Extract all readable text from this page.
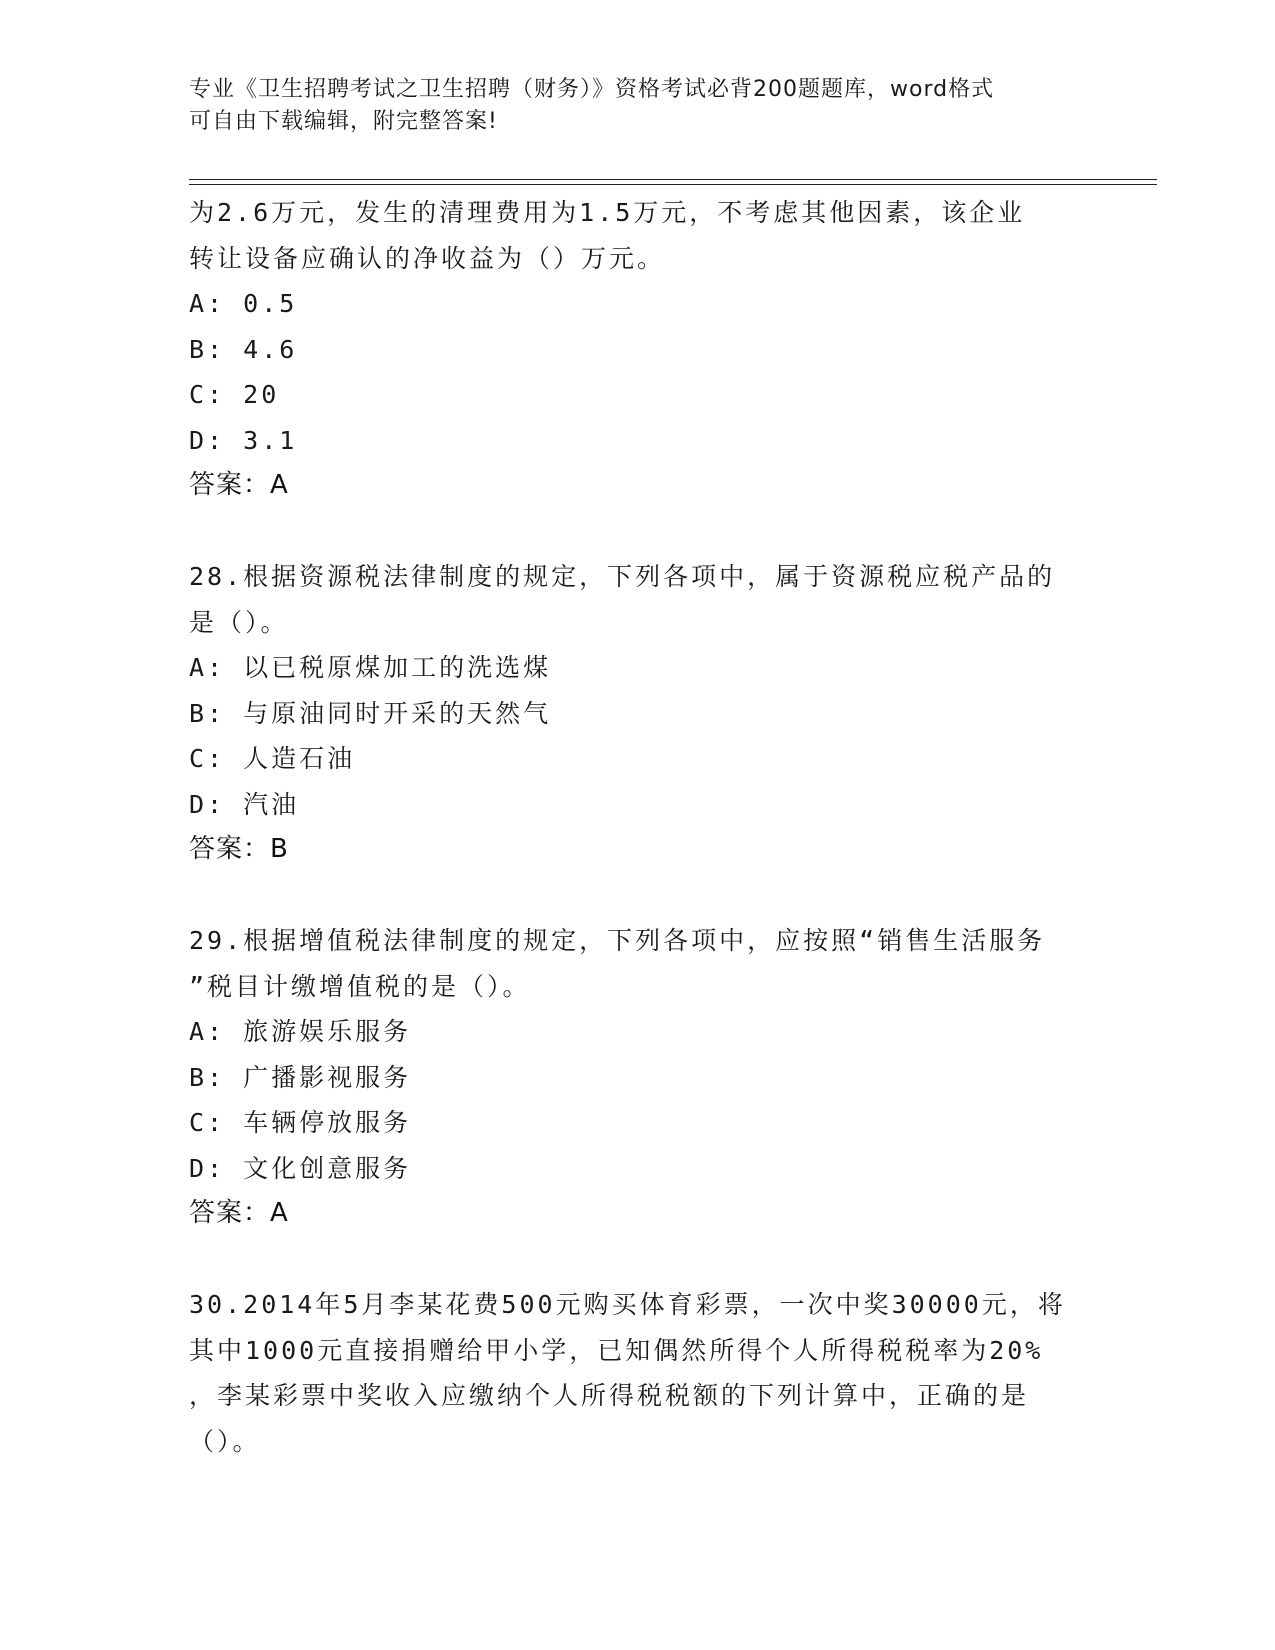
专业《卫生招聘考试之卫生招聘（财务）》资格考试必背200题题库，word格式
可自由下载编辑，附完整答案!
为2.6万元，发生的清理费用为1.5万元，不考虑其他因素，该企业
转让设备应确认的净收益为（）万元。
A: 0.5
B: 4.6
C: 20
D: 3.1
答案：A
28.根据资源税法律制度的规定，下列各项中，属于资源税应税产品的
是（）。
A: 以已税原煤加工的洗选煤
B: 与原油同时开采的天然气
C: 人造石油
D: 汽油
答案：B
29.根据增值税法律制度的规定，下列各项中，应按照“销售生活服务
”税目计缴增值税的是（）。
A: 旅游娱乐服务
B: 广播影视服务
C: 车辆停放服务
D: 文化创意服务
答案：A
30.2014年5月李某花费500元购买体育彩票，一次中奖30000元，将
其中1000元直接捐赠给甲小学，已知偶然所得个人所得税税率为20%
，李某彩票中奖收入应缴纳个人所得税税额的下列计算中，正确的是
（）。
